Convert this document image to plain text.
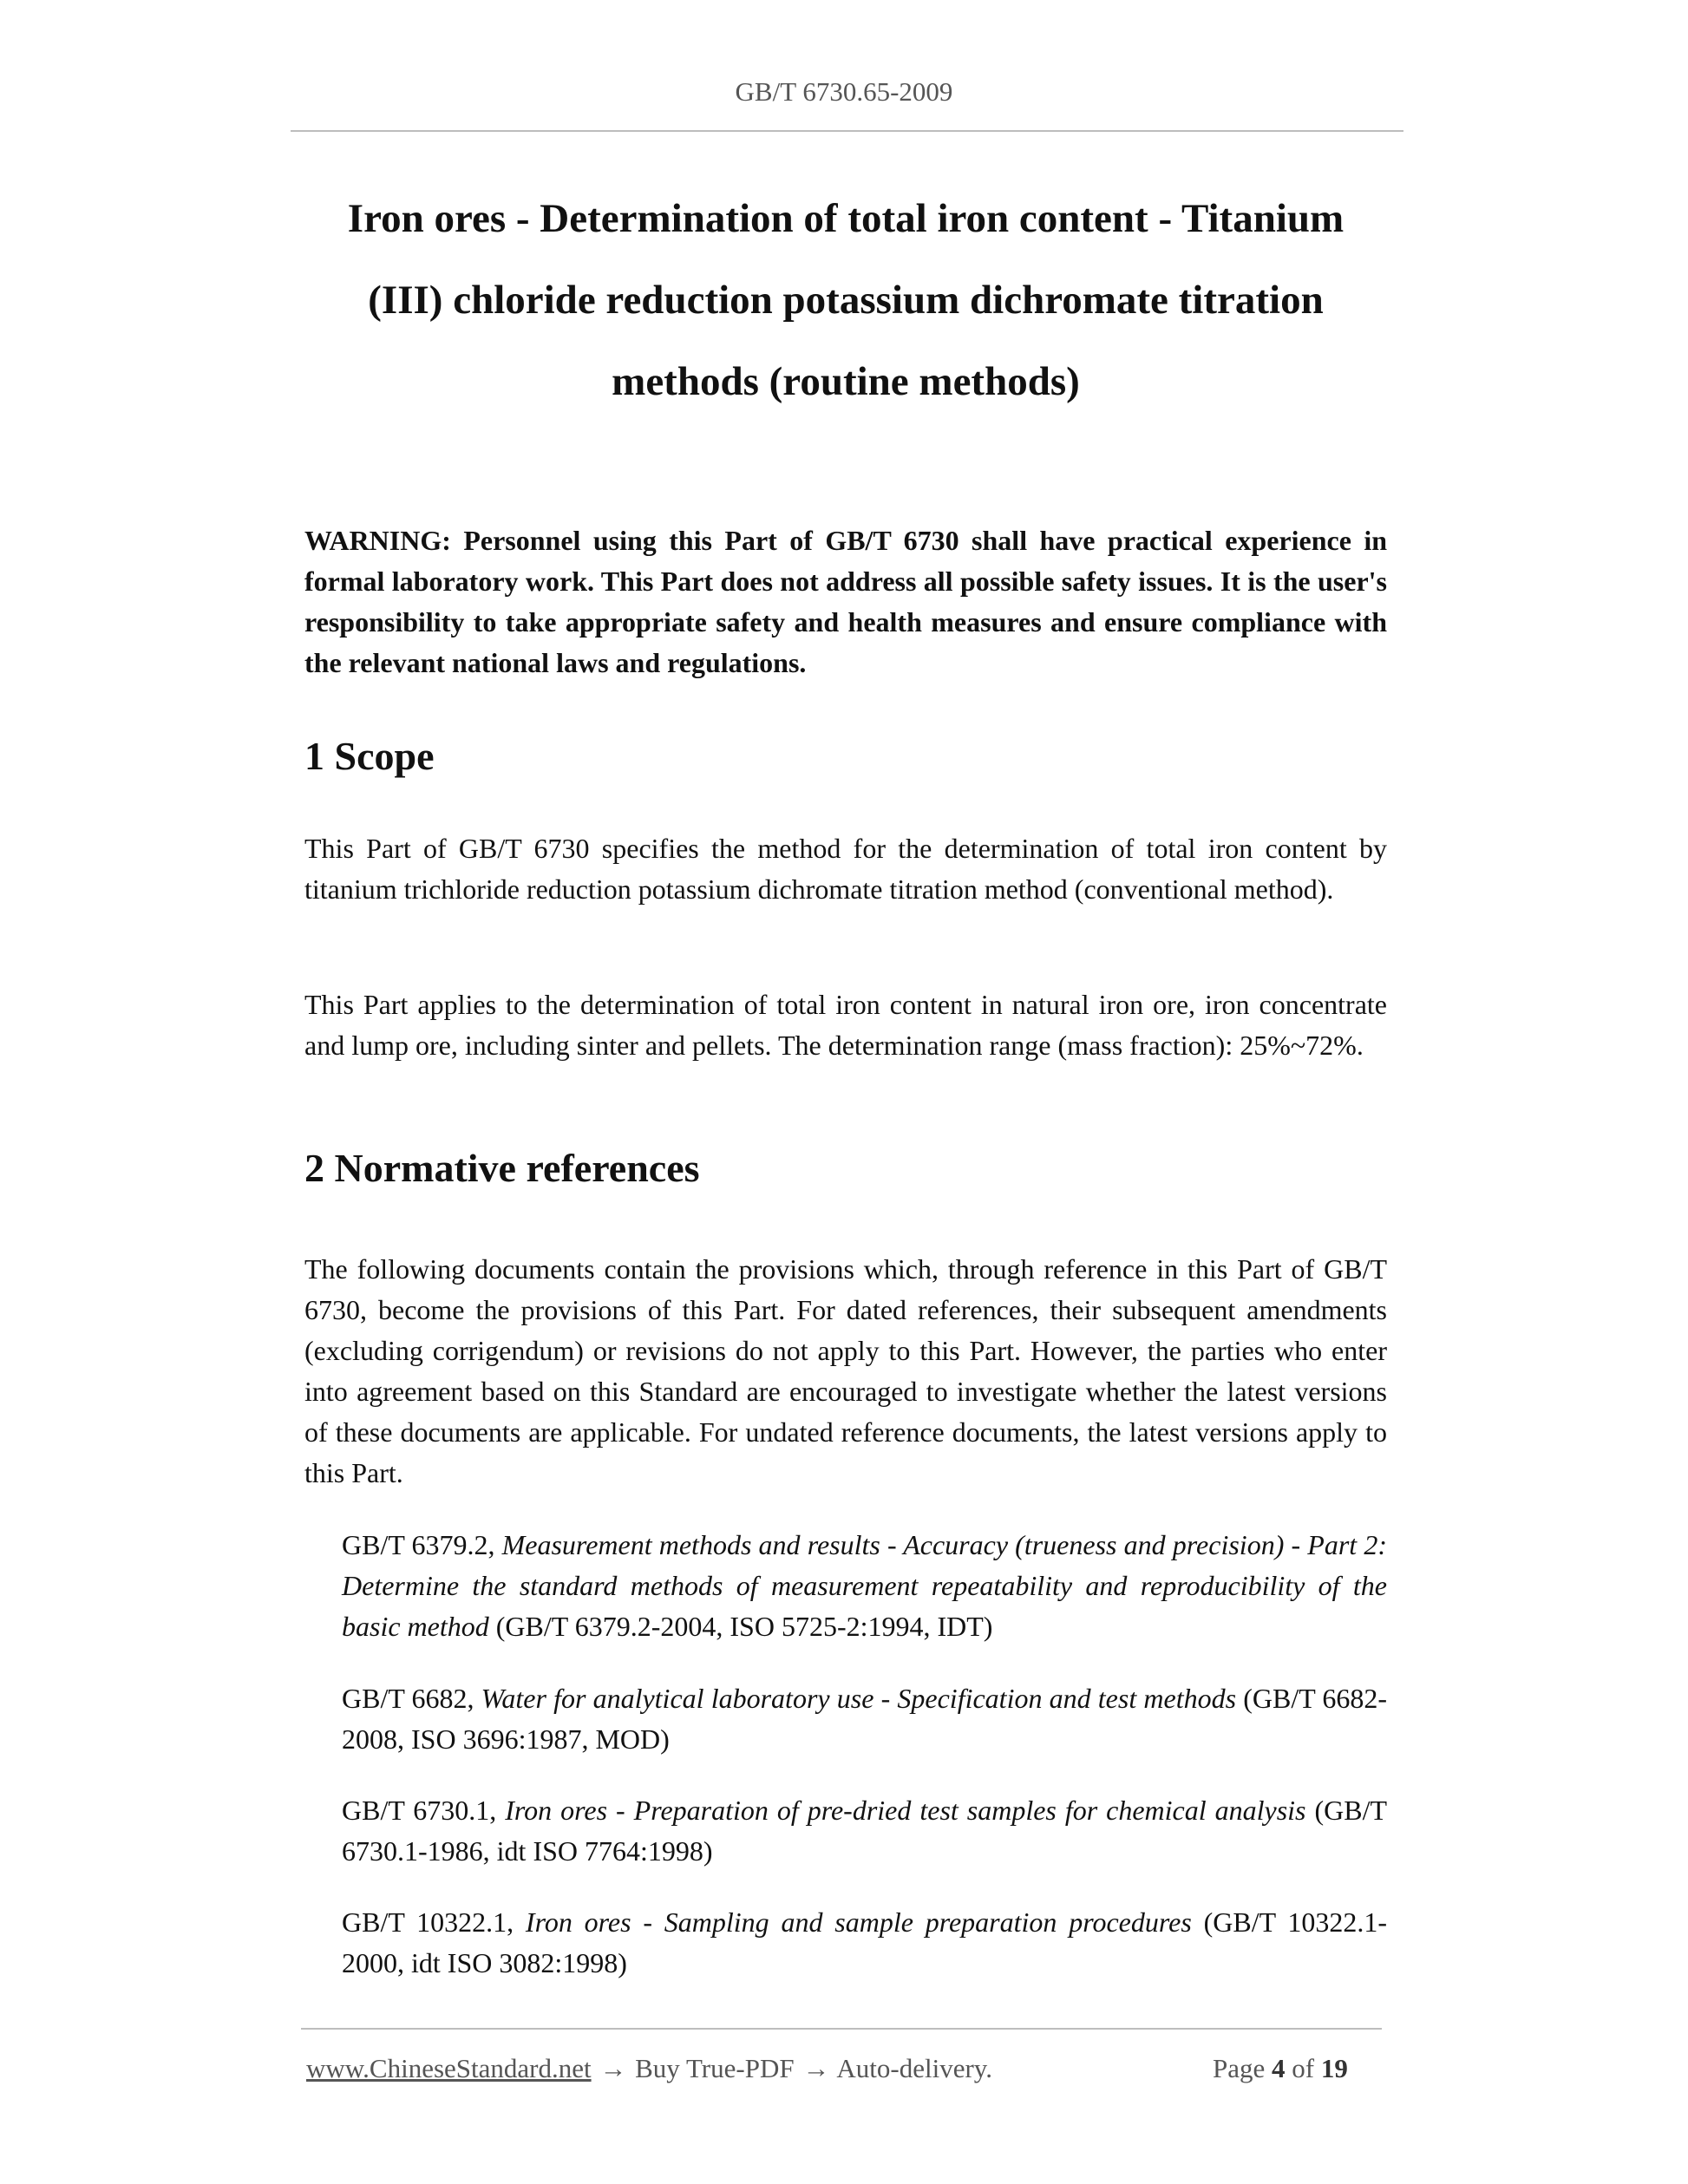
GB/T 6730.65-2009
Iron ores - Determination of total iron content - Titanium
(III) chloride reduction potassium dichromate titration
methods (routine methods)

WARNING: Personnel using this Part of GB/T 6730 shall have practical experience in formal laboratory work. This Part does not address all possible safety issues. It is the user's responsibility to take appropriate safety and health measures and ensure compliance with the relevant national laws and regulations.

1 Scope

This Part of GB/T 6730 specifies the method for the determination of total iron content by titanium trichloride reduction potassium dichromate titration method (conventional method).

This Part applies to the determination of total iron content in natural iron ore, iron concentrate and lump ore, including sinter and pellets. The determination range (mass fraction): 25%~72%.

2 Normative references

The following documents contain the provisions which, through reference in this Part of GB/T 6730, become the provisions of this Part. For dated references, their subsequent amendments (excluding corrigendum) or revisions do not apply to this Part. However, the parties who enter into agreement based on this Standard are encouraged to investigate whether the latest versions of these documents are applicable. For undated reference documents, the latest versions apply to this Part.

GB/T 6379.2, Measurement methods and results - Accuracy (trueness and precision) - Part 2: Determine the standard methods of measurement repeatability and reproducibility of the basic method (GB/T 6379.2-2004, ISO 5725-2:1994, IDT)

GB/T 6682, Water for analytical laboratory use - Specification and test methods (GB/T 6682-2008, ISO 3696:1987, MOD)

GB/T 6730.1, Iron ores - Preparation of pre-dried test samples for chemical analysis (GB/T 6730.1-1986, idt ISO 7764:1998)

GB/T 10322.1, Iron ores - Sampling and sample preparation procedures (GB/T 10322.1-2000, idt ISO 3082:1998)

www.ChineseStandard.net → Buy True-PDF → Auto-delivery.	Page 4 of 19
